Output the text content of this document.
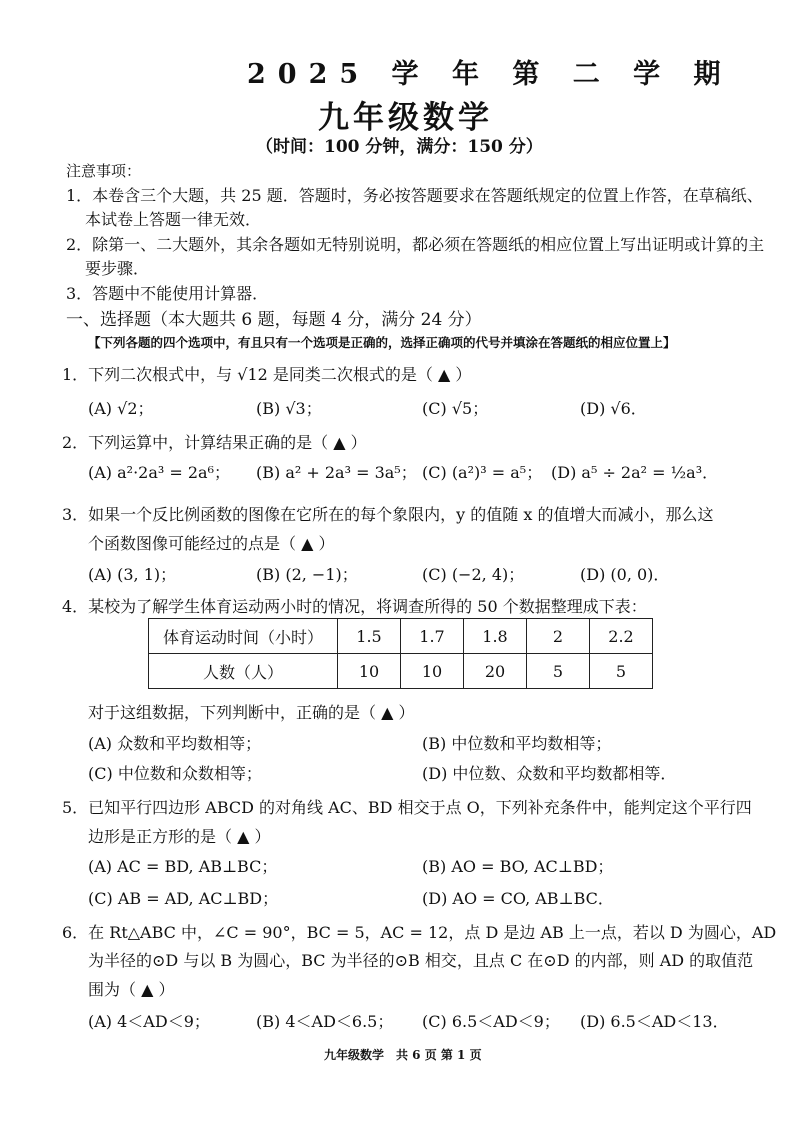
2025 学 年 第 二 学 期
九年级数学
（时间：100 分钟，满分：150 分）
注意事项：
1．本卷含三个大题，共 25 题．答题时，务必按答题要求在答题纸规定的位置上作答，在草稿纸、
本试卷上答题一律无效．
2．除第一、二大题外，其余各题如无特别说明，都必须在答题纸的相应位置上写出证明或计算的主
要步骤．
3．答题中不能使用计算器．
一、选择题（本大题共 6 题，每题 4 分，满分 24 分）
【下列各题的四个选项中，有且只有一个选项是正确的，选择正确项的代号并填涂在答题纸的相应位置上】
1．下列二次根式中，与 √12 是同类二次根式的是（ ▲ ）
(A) √2；	(B) √3；	(C) √5；	(D) √6．
2．下列运算中，计算结果正确的是（ ▲ ）
(A) a²·2a³ = 2a⁶； (B) a² + 2a³ = 3a⁵； (C) (a²)³ = a⁵； (D) a⁵ ÷ 2a² = ½a³．
3．如果一个反比例函数的图像在它所在的每个象限内，y 的值随 x 的值增大而减小，那么这
个函数图像可能经过的点是（ ▲ ）
(A) (3, 1)；	(B) (2, −1)；	(C) (−2, 4)；	(D) (0, 0)．
4．某校为了解学生体育运动两小时的情况，将调查所得的 50 个数据整理成下表：
体育运动时间（小时）	1.5	1.7	1.8	2	2.2
人数（人）	10	10	20	5	5
对于这组数据，下列判断中，正确的是（ ▲ ）
(A) 众数和平均数相等；	(B) 中位数和平均数相等；
(C) 中位数和众数相等；	(D) 中位数、众数和平均数都相等．
5．已知平行四边形 ABCD 的对角线 AC、BD 相交于点 O，下列补充条件中，能判定这个平行四
边形是正方形的是（ ▲ ）
(A) AC = BD, AB⊥BC；	(B) AO = BO, AC⊥BD；
(C) AB = AD, AC⊥BD；	(D) AO = CO, AB⊥BC．
6．在 Rt△ABC 中，∠C = 90°，BC = 5，AC = 12，点 D 是边 AB 上一点，若以 D 为圆心，AD
为半径的⊙D 与以 B 为圆心，BC 为半径的⊙B 相交，且点 C 在⊙D 的内部，则 AD 的取值范
围为（ ▲ ）
(A) 4＜AD＜9；	(B) 4＜AD＜6.5； (C) 6.5＜AD＜9； (D) 6.5＜AD＜13．
九年级数学　共 6 页 第 1 页
